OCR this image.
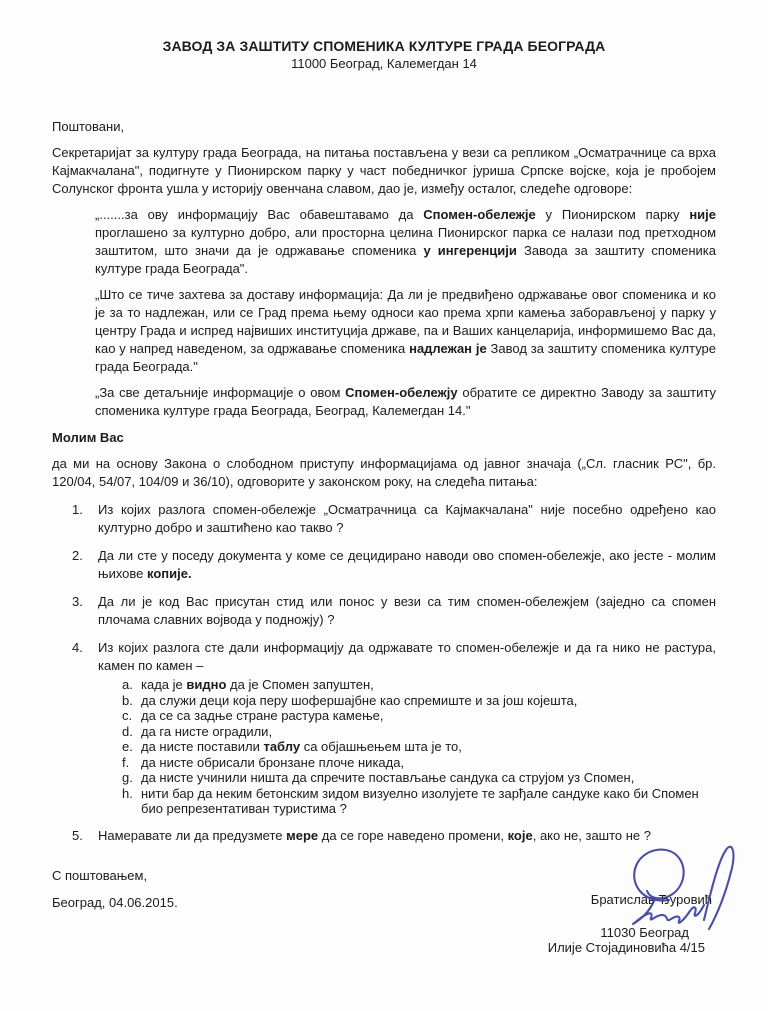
ЗАВОД ЗА ЗАШТИТУ СПОМЕНИКА КУЛТУРЕ ГРАДА БЕОГРАДА
11000 Београд, Калемегдан 14
Поштовани,

Секретаријат за културу града Београда, на питања постављена у вези са репликом „Осматрачнице са врха Кајмакчалана", подигнуте у Пионирском парку у част победничког јуриша Српске војске, која је пробојем Солунског фронта ушла у историју овенчана славом, дао је, између осталог, следеће одговоре:

„.......за ову информацију Вас обавештавамо да Спомен-обележје у Пионирском парку није проглашено за културно добро, али просторна целина Пионирског парка се налази под претходном заштитом, што значи да је одржавање споменика у ингеренцији Завода за заштиту споменика културе града Београда".

„Што се тиче захтева за доставу информација: Да ли је предвиђено одржавање овог споменика и ко је за то надлежан, или се Град према њему односи као према хрпи камења заборављеној у парку у центру Града и испред највиших институција државе, па и Ваших канцеларија, информишемо Вас да, као у напред наведеном, за одржавање споменика надлежан је Завод за заштиту споменика културе града Београда."

„За све детаљније информације о овом Спомен-обележју обратите се директно Заводу за заштиту споменика културе града Београда, Београд, Калемегдан 14."

Молим Вас

да ми на основу Закона о слободном приступу информацијама од јавног значаја („Сл. гласник РС", бр. 120/04, 54/07, 104/09 и 36/10), одговорите у законском року, на следећа питања:

1.	Из којих разлога спомен-обележје „Осматрачница са Кајмакчалана" није посебно одређено као културно добро и заштићено као такво ?
2.	Да ли сте у поседу документа у коме се децидирано наводи ово спомен-обележје, ако јесте - молим њихове копије.
3.	Да ли је код Вас присутан стид или понос у вези са тим спомен-обележјем (заједно са спомен плочама славних војвода у подножју) ?
4.	Из којих разлога сте дали информацију да одржавате то спомен-обележје и да га нико не растура, камен по камен –
a. када је видно да је Спомен запуштен,
b. да служи деци која перу шофершајбне као спремиште и за још којешта,
c. да се са задње стране растура камење,
d. да га нисте оградили,
e. да нисте поставили таблу са објашњењем шта је то,
f. да нисте обрисали бронзане плоче никада,
g. да нисте учинили ништа да спречите постављање сандука са струјом уз Спомен,
h. нити бар да неким бетонским зидом визуелно изолујете те зарђале сандуке како би Спомен био репрезентативан туристима ?
5.	Намеравате ли да предузмете мере да се горе наведено промени, које, ако не, зашто не ?
С поштовањем,
Београд, 04.06.2015.	Братислав Ђуровић
11030 Београд
Илије Стојадиновића 4/15
